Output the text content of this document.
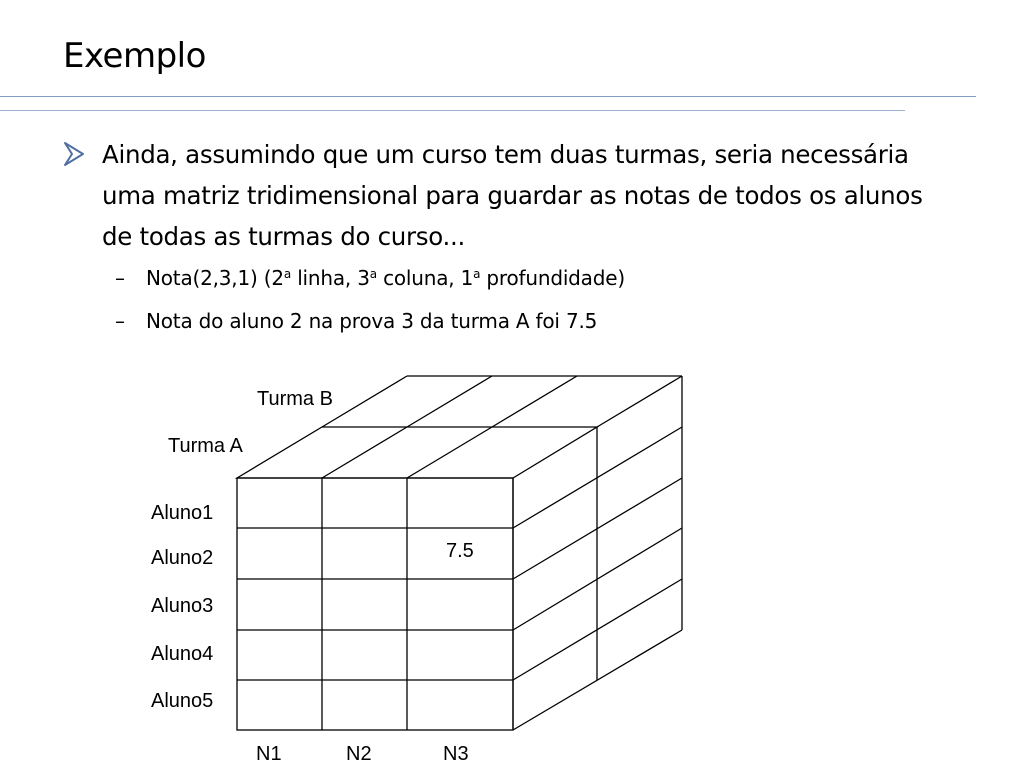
Exemplo
Ainda, assumindo que um curso tem duas turmas, seria necessária uma matriz tridimensional para guardar as notas de todos os alunos de todas as turmas do curso...
– Nota(2,3,1) (2$^a$ linha, 3$^a$ coluna, 1$^a$ profundidade)
– Nota do aluno 2 na prova 3 da turma A foi 7.5
Turma B
Turma A
Aluno1
Aluno2
Aluno3
Aluno4
Aluno5
N1	N2	N3
7.5
